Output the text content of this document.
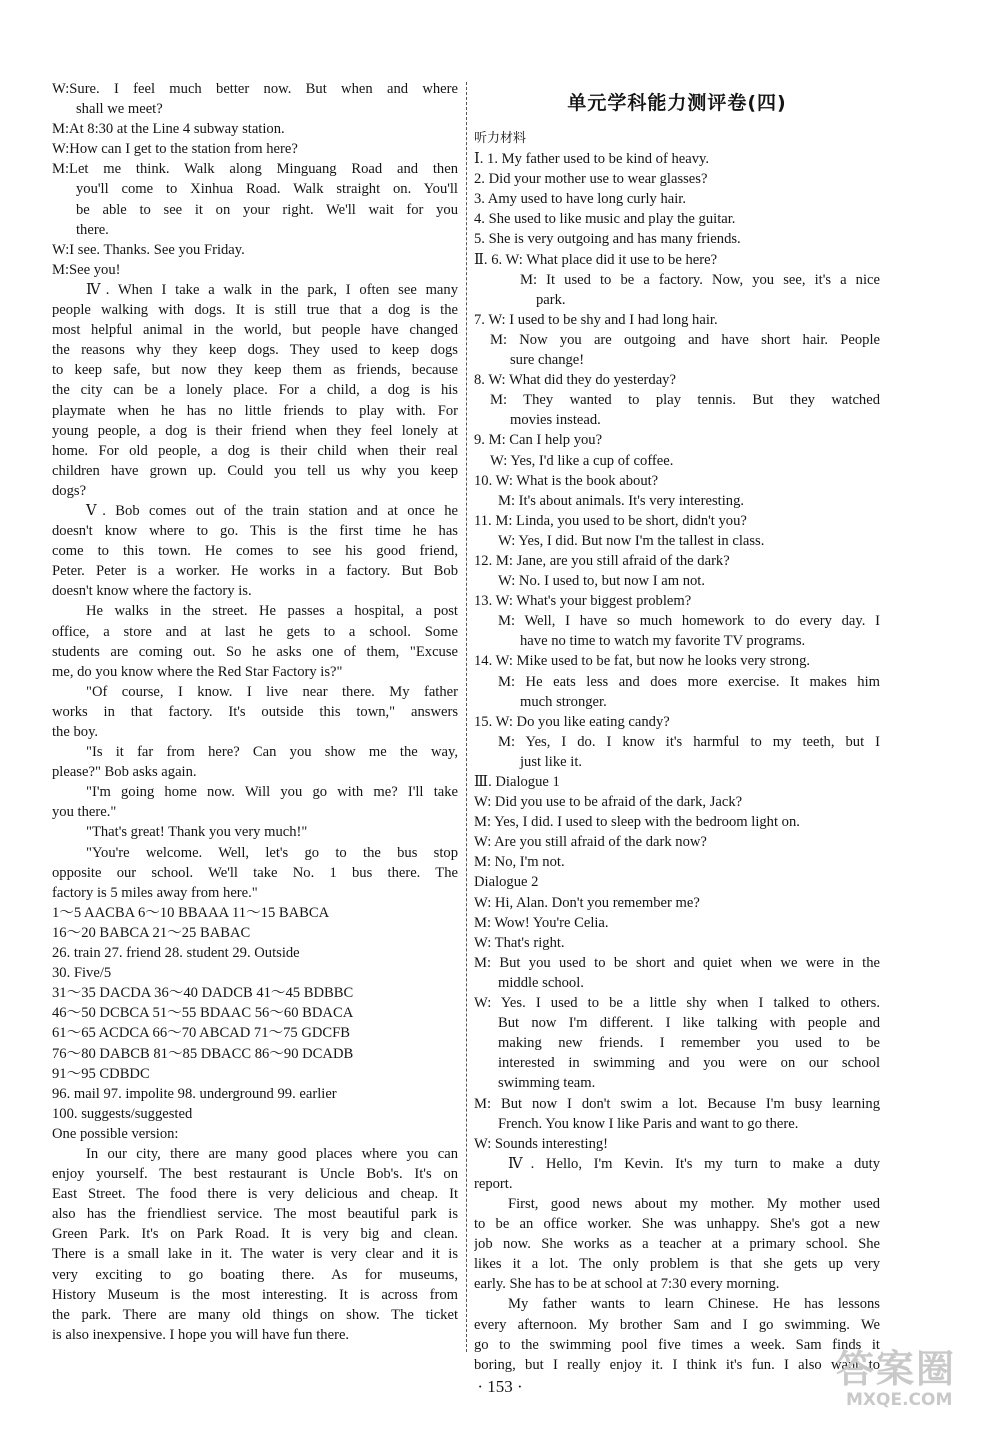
W:Sure. I feel much better now. But when and where
shall we meet?
M:At 8:30 at the Line 4 subway station.
W:How can I get to the station from here?
M:Let me think. Walk along Minguang Road and then
you'll come to Xinhua Road. Walk straight on. You'll
be able to see it on your right. We'll wait for you
there.
W:I see. Thanks. See you Friday.
M:See you!
Ⅳ. When I take a walk in the park, I often see many
people walking with dogs. It is still true that a dog is the
most helpful animal in the world, but people have changed
the reasons why they keep dogs. They used to keep dogs
to keep safe, but now they keep them as friends, because
the city can be a lonely place. For a child, a dog is his
playmate when he has no little friends to play with. For
young people, a dog is their friend when they feel lonely at
home. For old people, a dog is their child when their real
children have grown up. Could you tell us why you keep
dogs?
Ⅴ. Bob comes out of the train station and at once he
doesn't know where to go. This is the first time he has
come to this town. He comes to see his good friend,
Peter. Peter is a worker. He works in a factory. But Bob
doesn't know where the factory is.
He walks in the street. He passes a hospital, a post
office, a store and at last he gets to a school. Some
students are coming out. So he asks one of them, "Excuse
me, do you know where the Red Star Factory is?"
"Of course, I know. I live near there. My father
works in that factory. It's outside this town," answers
the boy.
"Is it far from here? Can you show me the way,
please?" Bob asks again.
"I'm going home now. Will you go with me? I'll take
you there."
"That's great! Thank you very much!"
"You're welcome. Well, let's go to the bus stop
opposite our school. We'll take No. 1 bus there. The
factory is 5 miles away from here."
1～5 AACBA 6～10 BBAAA 11～15 BABCA
16～20 BABCA 21～25 BABAC
26. train 27. friend 28. student 29. Outside
30. Five/5
31～35 DACDA 36～40 DADCB 41～45 BDBBC
46～50 DCBCA 51～55 BDAAC 56～60 BDACA
61～65 ACDCA 66～70 ABCAD 71～75 GDCFB
76～80 DABCB 81～85 DBACC 86～90 DCADB
91～95 CDBDC
96. mail 97. impolite 98. underground 99. earlier
100. suggests/suggested
One possible version:
In our city, there are many good places where you can
enjoy yourself. The best restaurant is Uncle Bob's. It's on
East Street. The food there is very delicious and cheap. It
also has the friendliest service. The most beautiful park is
Green Park. It's on Park Road. It is very big and clean.
There is a small lake in it. The water is very clear and it is
very exciting to go boating there. As for museums,
History Museum is the most interesting. It is across from
the park. There are many old things on show. The ticket
is also inexpensive. I hope you will have fun there.
单元学科能力测评卷(四)
听力材料
Ⅰ. 1. My father used to be kind of heavy.
2. Did your mother use to wear glasses?
3. Amy used to have long curly hair.
4. She used to like music and play the guitar.
5. She is very outgoing and has many friends.
Ⅱ. 6. W: What place did it use to be here?
M: It used to be a factory. Now, you see, it's a nice
park.
7. W: I used to be shy and I had long hair.
M: Now you are outgoing and have short hair. People
sure change!
8. W: What did they do yesterday?
M: They wanted to play tennis. But they watched
movies instead.
9. M: Can I help you?
W: Yes, I'd like a cup of coffee.
10. W: What is the book about?
M: It's about animals. It's very interesting.
11. M: Linda, you used to be short, didn't you?
W: Yes, I did. But now I'm the tallest in class.
12. M: Jane, are you still afraid of the dark?
W: No. I used to, but now I am not.
13. W: What's your biggest problem?
M: Well, I have so much homework to do every day. I
have no time to watch my favorite TV programs.
14. W: Mike used to be fat, but now he looks very strong.
M: He eats less and does more exercise. It makes him
much stronger.
15. W: Do you like eating candy?
M: Yes, I do. I know it's harmful to my teeth, but I
just like it.
Ⅲ. Dialogue 1
W: Did you use to be afraid of the dark, Jack?
M: Yes, I did. I used to sleep with the bedroom light on.
W: Are you still afraid of the dark now?
M: No, I'm not.
Dialogue 2
W: Hi, Alan. Don't you remember me?
M: Wow! You're Celia.
W: That's right.
M: But you used to be short and quiet when we were in the
middle school.
W: Yes. I used to be a little shy when I talked to others.
But now I'm different. I like talking with people and
making new friends. I remember you used to be
interested in swimming and you were on our school
swimming team.
M: But now I don't swim a lot. Because I'm busy learning
French. You know I like Paris and want to go there.
W: Sounds interesting!
Ⅳ. Hello, I'm Kevin. It's my turn to make a duty
report.
First, good news about my mother. My mother used
to be an office worker. She was unhappy. She's got a new
job now. She works as a teacher at a primary school. She
likes it a lot. The only problem is that she gets up very
early. She has to be at school at 7:30 every morning.
My father wants to learn Chinese. He has lessons
every afternoon. My brother Sam and I go swimming. We
go to the swimming pool five times a week. Sam finds it
boring, but I really enjoy it. I think it's fun. I also want to
· 153 ·	答案圈
MXQE.COM
